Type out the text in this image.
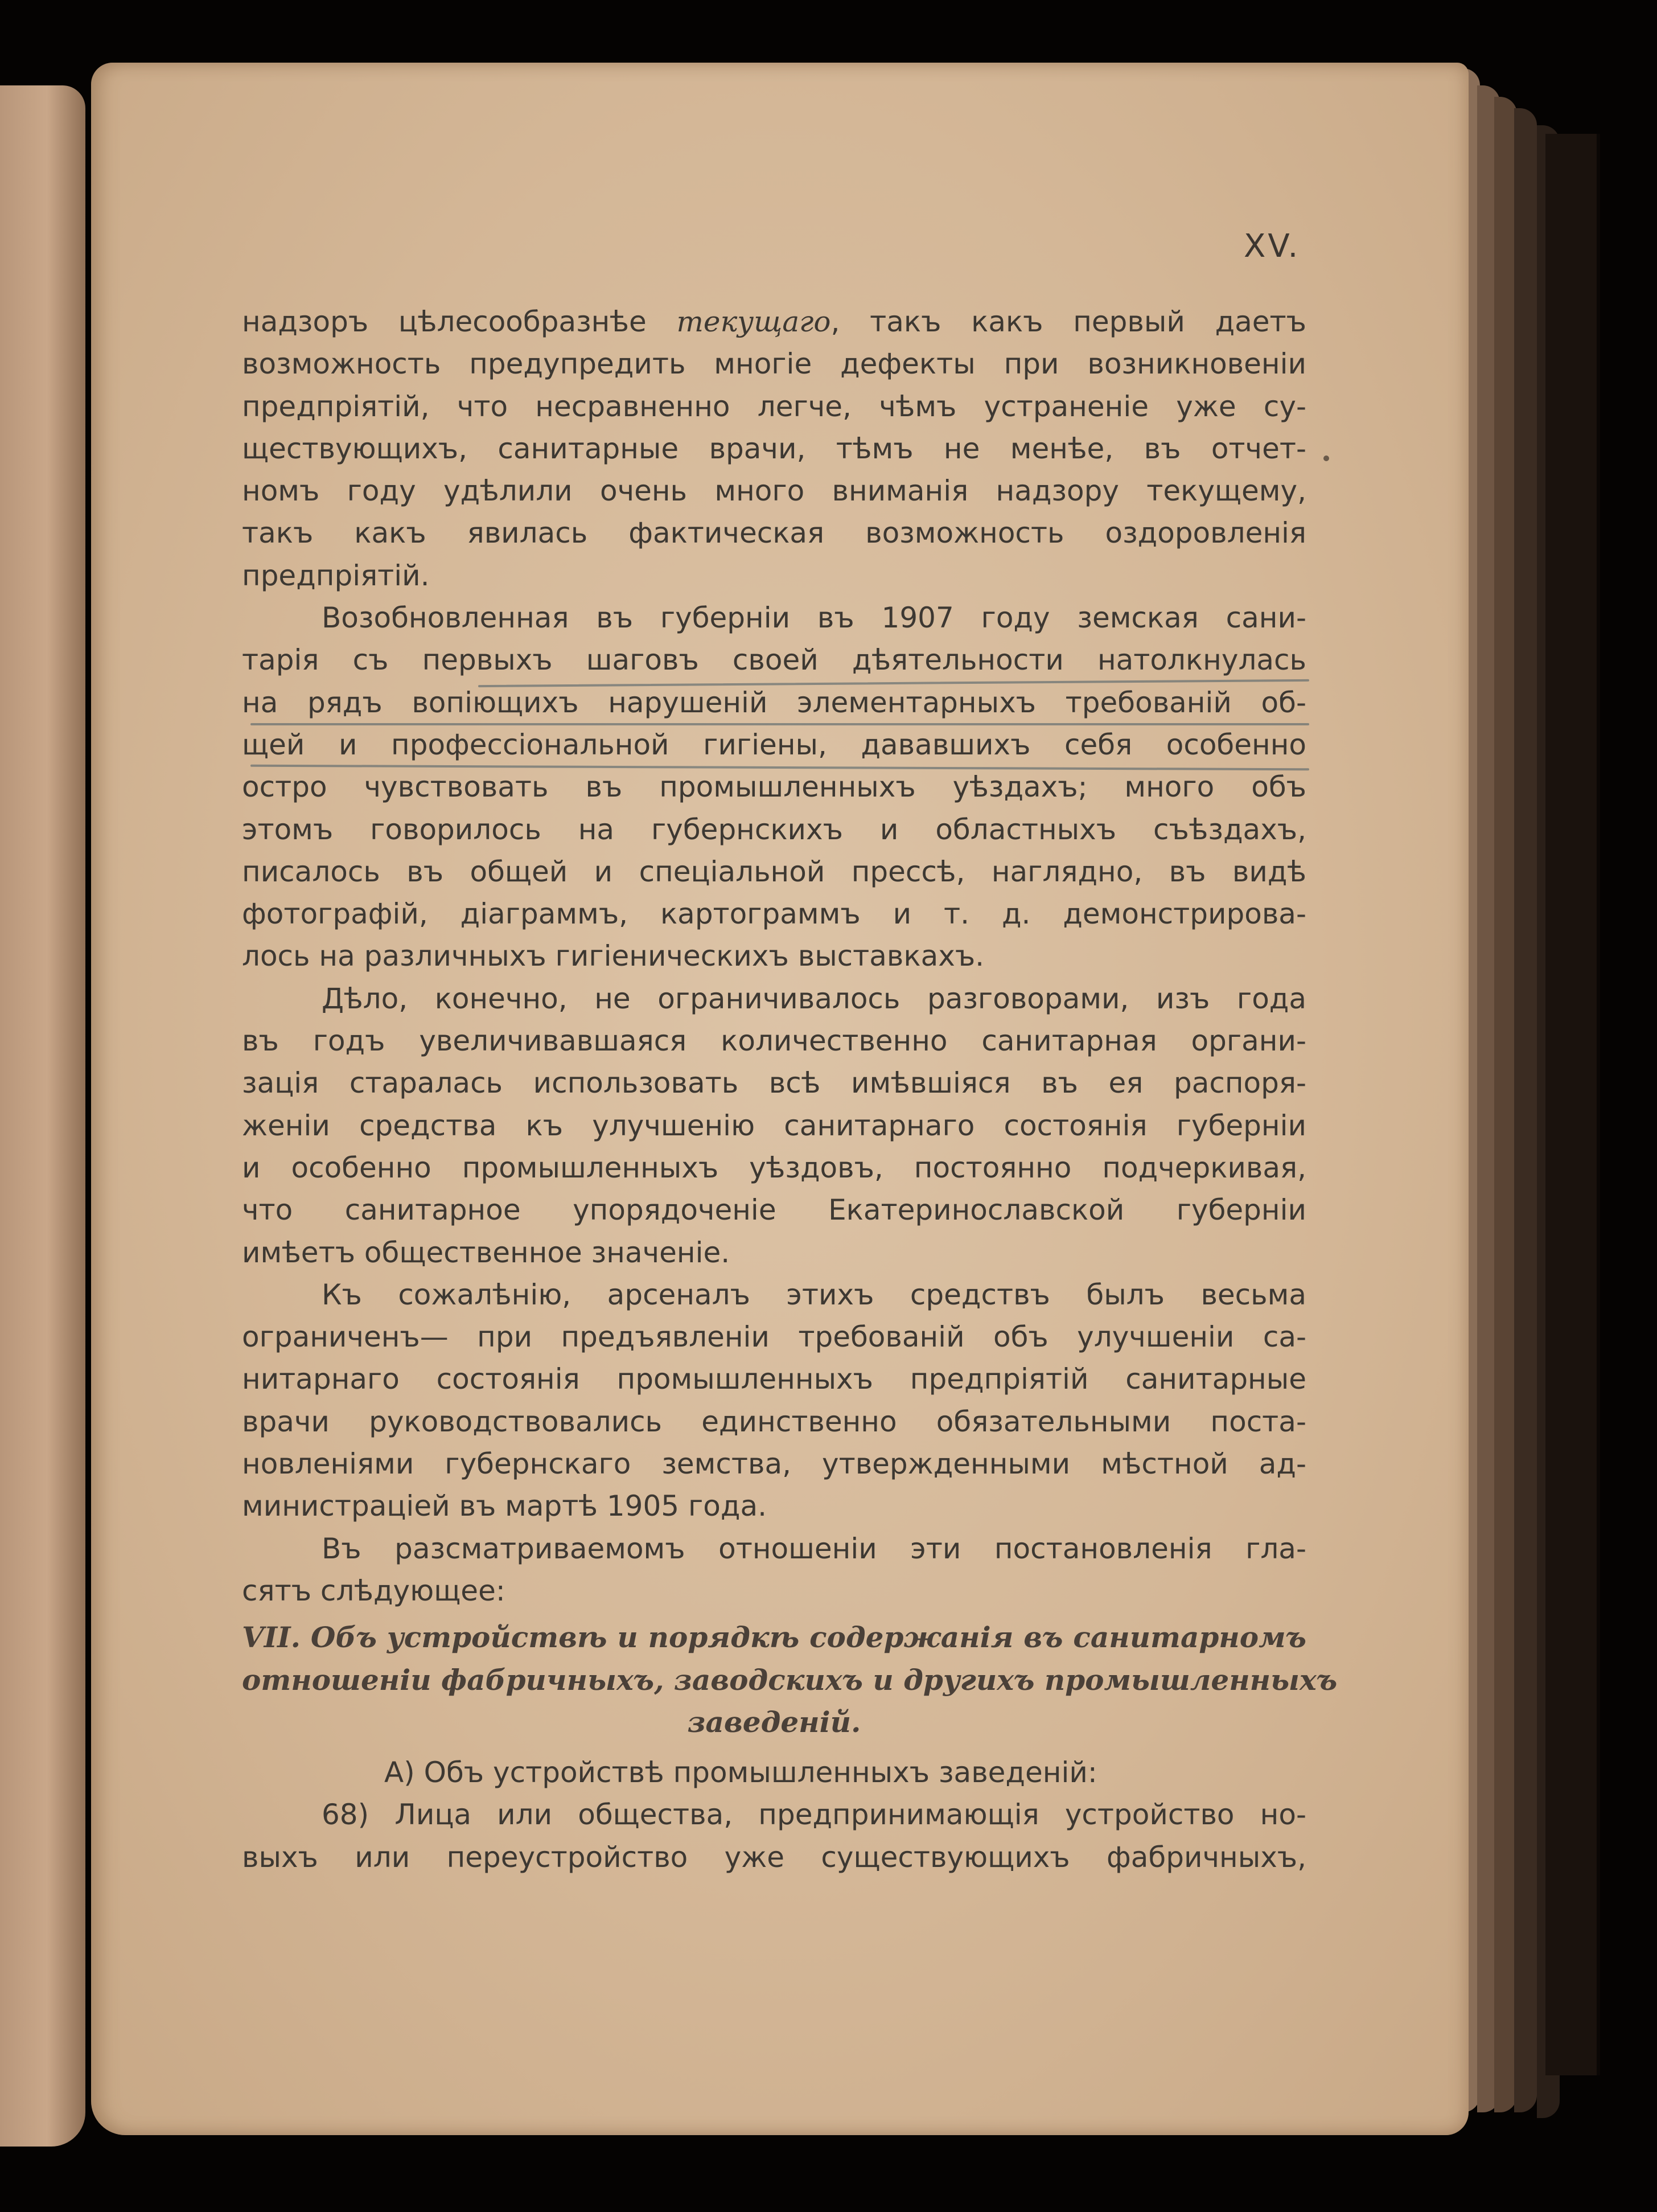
XV.
надзоръ цѣлесообразнѣе текущаго, такъ какъ первый даетъ
возможность предупредить многіе дефекты при возникновеніи
предпріятій, что несравненно легче, чѣмъ устраненіе уже су-
ществующихъ, санитарные врачи, тѣмъ не менѣе, въ отчет-
номъ году удѣлили очень много вниманія надзору текущему,
такъ какъ явилась фактическая возможность оздоровленія
предпріятій.
Возобновленная въ губерніи въ 1907 году земская сани-
тарія съ первыхъ шаговъ своей дѣятельности натолкнулась
на рядъ вопіющихъ нарушеній элементарныхъ требованій об-
щей и профессіональной гигіены, дававшихъ себя особенно
остро чувствовать въ промышленныхъ уѣздахъ; много объ
этомъ говорилось на губернскихъ и областныхъ съѣздахъ,
писалось въ общей и спеціальной прессѣ, наглядно, въ видѣ
фотографій, діаграммъ, картограммъ и т. д. демонстрирова-
лось на различныхъ гигіеническихъ выставкахъ.
Дѣло, конечно, не ограничивалось разговорами, изъ года
въ годъ увеличивавшаяся количественно санитарная органи-
зація старалась использовать всѣ имѣвшіяся въ ея распоря-
женіи средства къ улучшенію санитарнаго состоянія губерніи
и особенно промышленныхъ уѣздовъ, постоянно подчеркивая,
что санитарное упорядоченіе Екатеринославской губерніи
имѣетъ общественное значеніе.
Къ сожалѣнію, арсеналъ этихъ средствъ былъ весьма
ограниченъ— при предъявленіи требованій объ улучшеніи са-
нитарнаго состоянія промышленныхъ предпріятій санитарные
врачи руководствовались единственно обязательными поста-
новленіями губернскаго земства, утвержденными мѣстной ад-
министраціей въ мартѣ 1905 года.
Въ разсматриваемомъ отношеніи эти постановленія гла-
сятъ слѣдующее:
VII. Объ устройствѣ и порядкѣ содержанія въ санитарномъ
отношеніи фабричныхъ, заводскихъ и другихъ промышленныхъ
заведеній.
А) Объ устройствѣ промышленныхъ заведеній:
68) Лица или общества, предпринимающія устройство но-
выхъ или переустройство уже существующихъ фабричныхъ,
